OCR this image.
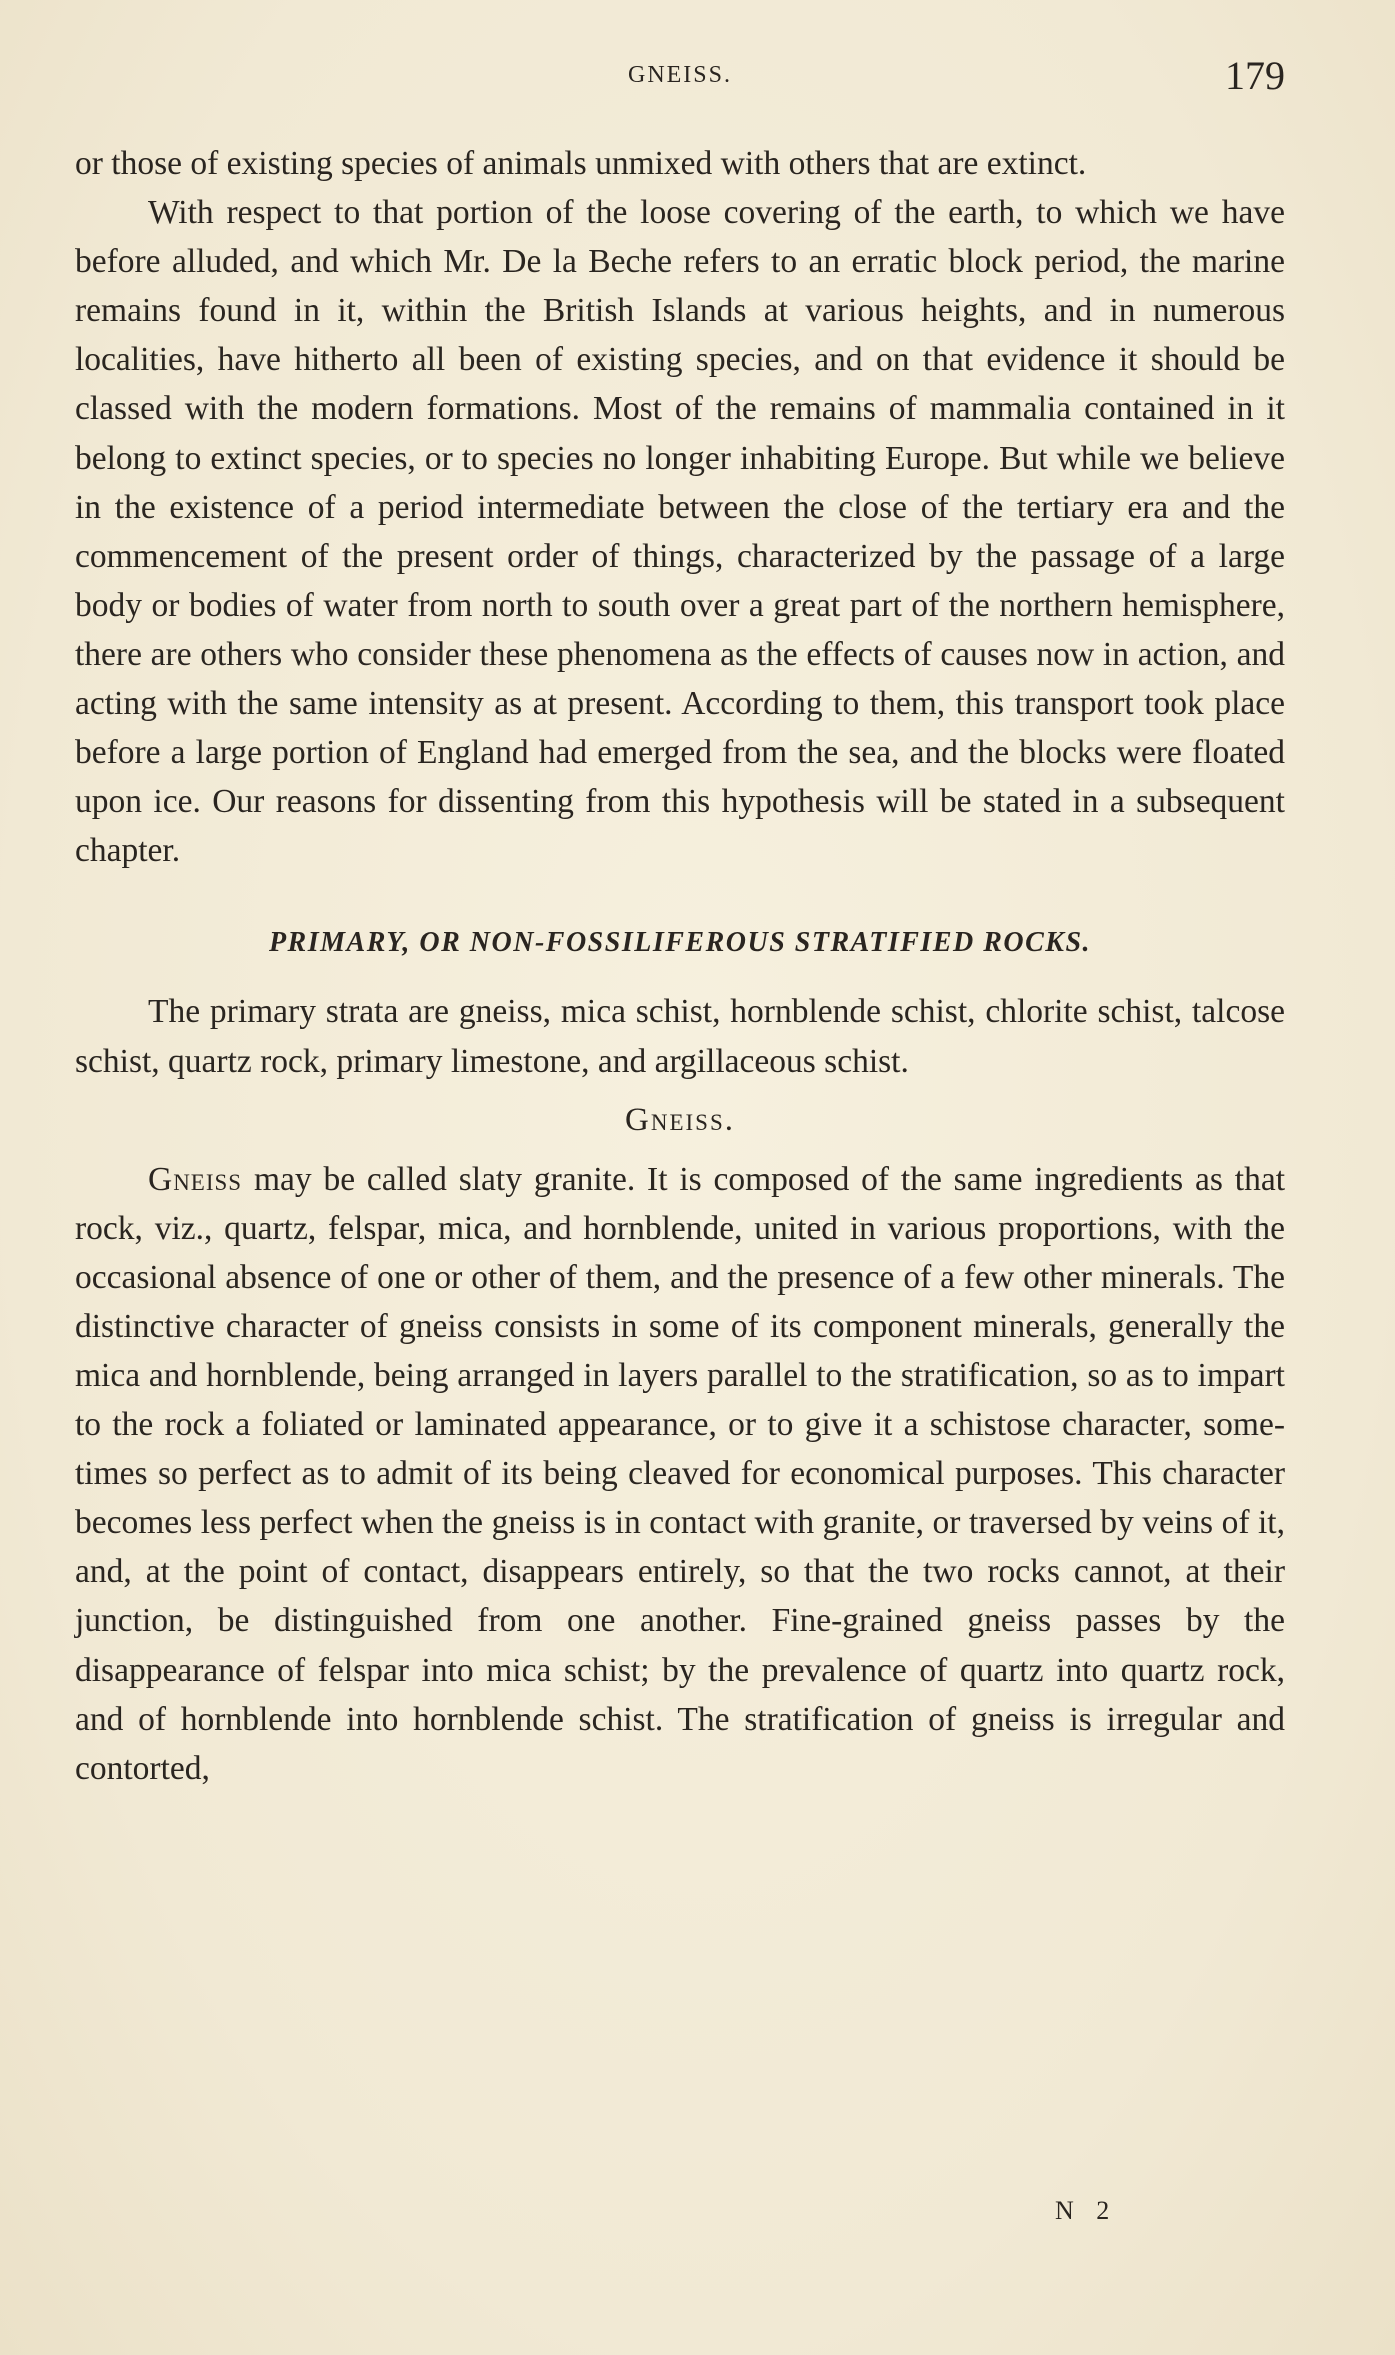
GNEISS.	179

or those of existing species of animals unmixed with others that are extinct.

With respect to that portion of the loose covering of the earth, to which we have before alluded, and which Mr. De la Beche refers to an erratic block period, the marine remains found in it, within the British Islands at various heights, and in numerous localities, have hitherto all been of existing species, and on that evidence it should be classed with the modern formations. Most of the remains of mammalia contained in it belong to extinct species, or to species no longer inhabiting Europe. But while we believe in the existence of a period intermediate between the close of the tertiary era and the commencement of the present order of things, characterized by the passage of a large body or bodies of water from north to south over a great part of the northern hemisphere, there are others who consider these phenomena as the effects of causes now in action, and acting with the same intensity as at present. According to them, this transport took place before a large portion of England had emerged from the sea, and the blocks were floated upon ice. Our reasons for dissenting from this hypothesis will be stated in a subsequent chapter.

PRIMARY, OR NON-FOSSILIFEROUS STRATIFIED ROCKS.

The primary strata are gneiss, mica schist, hornblende schist, chlorite schist, talcose schist, quartz rock, primary limestone, and argillaceous schist.

Gneiss.

Gneiss may be called slaty granite. It is composed of the same ingredients as that rock, viz., quartz, felspar, mica, and hornblende, united in various proportions, with the occasional absence of one or other of them, and the presence of a few other minerals. The distinctive character of gneiss consists in some of its component minerals, generally the mica and hornblende, being arranged in layers parallel to the stratification, so as to impart to the rock a foliated or laminated appearance, or to give it a schistose character, sometimes so perfect as to admit of its being cleaved for economical purposes. This character becomes less perfect when the gneiss is in contact with granite, or traversed by veins of it, and, at the point of contact, disappears entirely, so that the two rocks cannot, at their junction, be distinguished from one another. Fine-grained gneiss passes by the disappearance of felspar into mica schist; by the prevalence of quartz into quartz rock, and of hornblende into hornblende schist. The stratification of gneiss is irregular and contorted,

N 2
